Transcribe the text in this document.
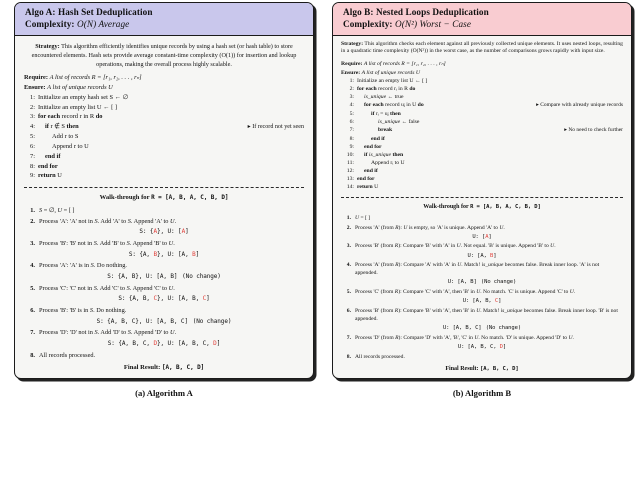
Algo A: Hash Set Deduplication
Complexity: O(N) Average

Strategy: This algorithm efficiently identifies unique records by using a hash set (or hash table) to store encountered elements. Hash sets provide average constant-time complexity (O(1)) for insertion and lookup operations, making the overall process highly scalable.

Require: A list of records R = [r₁, r₂, . . . , rₙ]
Ensure: A list of unique records U
1: Initialize an empty hash set S ← ∅
2: Initialize an empty list U ← [ ]
3: for each record r in R do
4:	if r ∉ S then	▸ If record not yet seen
5:	Add r to S
6:	Append r to U
7:	end if
8: end for
9: return U
Walk-through for R = [A, B, A, C, B, D]
1. S = ∅, U = [ ]
2. Process 'A': 'A' not in S. Add 'A' to S. Append 'A' to U.
S: {A}, U: [A]
3. Process 'B': 'B' not in S. Add 'B' to S. Append 'B' to U.
S: {A, B}, U: [A, B]
4. Process 'A': 'A' is in S. Do nothing.
S: {A, B}, U: [A, B] (No change)
5. Process 'C': 'C' not in S. Add 'C' to S. Append 'C' to U.
S: {A, B, C}, U: [A, B, C]
6. Process 'B': 'B' is in S. Do nothing.
S: {A, B, C}, U: [A, B, C] (No change)
7. Process 'D': 'D' not in S. Add 'D' to S. Append 'D' to U.
S: {A, B, C, D}, U: [A, B, C, D]
8. All records processed.
Final Result: [A, B, C, D]
(a) Algorithm A
Algo B: Nested Loops Deduplication
Complexity: O(N²) Worst − Case

Strategy: This algorithm checks each element against all previously collected unique elements. It uses nested loops, resulting in a quadratic time complexity (O(N²)) in the worst case, as the number of comparisons grows rapidly with input size.

Require: A list of records R = [r₁, r₂, . . . , rₙ]
Ensure: A list of unique records U
1: Initialize an empty list U ← [ ]
2: for each record rᵢ in R do
3:	is_unique ← true
4:	for each record uⱼ in U do	▸ Compare with already unique records
5:	if rᵢ = uⱼ then
6:	is_unique ← false
7:	break	▸ No need to check further
8:	end if
9:	end for
10:	if is_unique then
11:	Append rᵢ to U
12:	end if
13: end for
14: return U
Walk-through for R = [A, B, A, C, B, D]
1. U = [ ]
2. Process 'A' (from R): U is empty, so 'A' is unique. Append 'A' to U.
U: [A]
3. Process 'B' (from R): Compare 'B' with 'A' in U. Not equal. 'B' is unique. Append 'B' to U.
U: [A, B]
4. Process 'A' (from R): Compare 'A' with 'A' in U. Match! is_unique becomes false. Break inner loop. 'A' is not appended.
U: [A, B] (No change)
5. Process 'C' (from R): Compare 'C' with 'A', then 'B' in U. No match. 'C' is unique. Append 'C' to U.
U: [A, B, C]
6. Process 'B' (from R): Compare 'B' with 'A', then 'B' in U. Match! is_unique becomes false. Break inner loop. 'B' is not appended.
U: [A, B, C] (No change)
7. Process 'D' (from R): Compare 'D' with 'A', 'B', 'C' in U. No match. 'D' is unique. Append 'D' to U.
U: [A, B, C, D]
8. All records processed.
Final Result: [A, B, C, D]
(b) Algorithm B
